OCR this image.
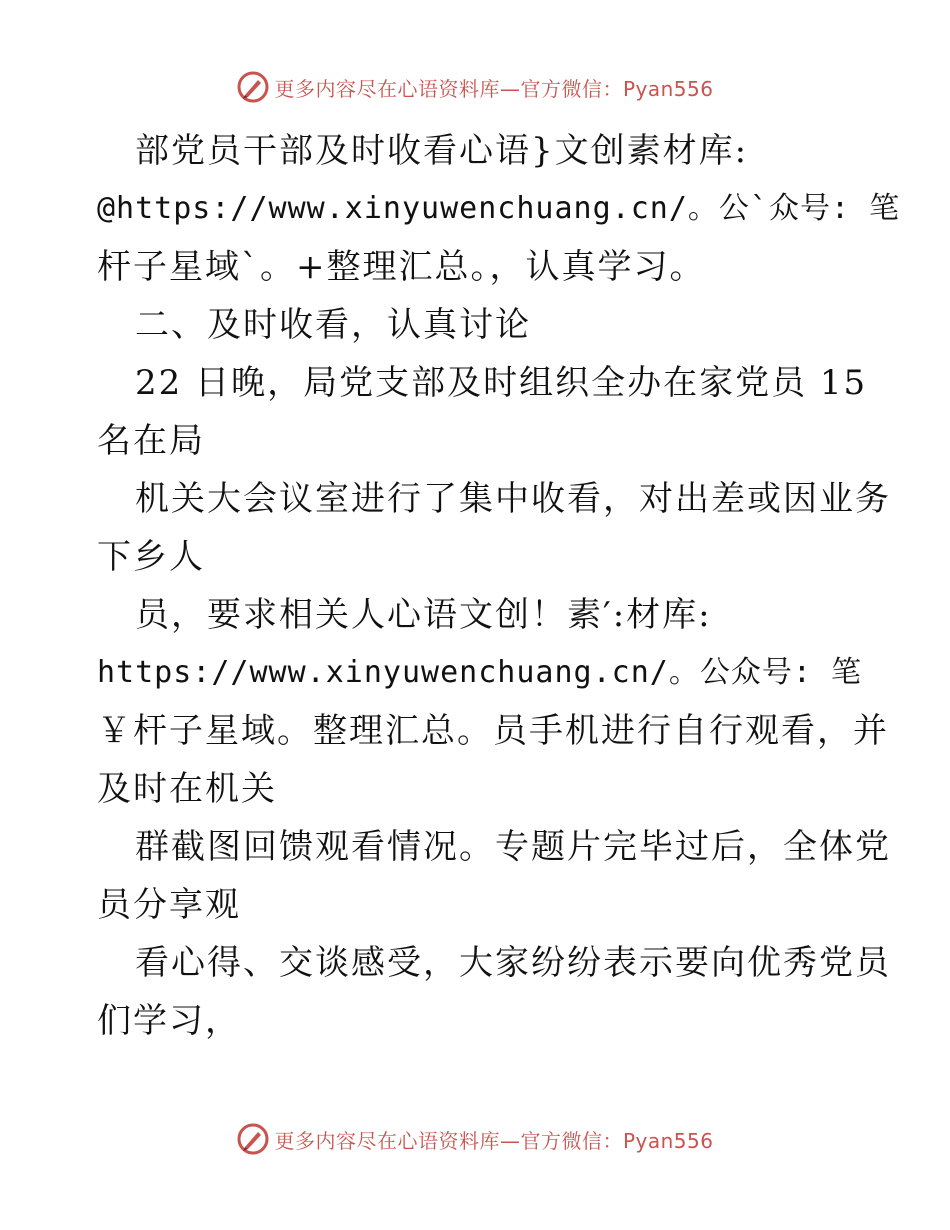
更多内容尽在心语资料库—官方微信：Pyan556
部党员干部及时收看心语}文创素材库:
@https://www.xinyuwenchuang.cn/。公`众号: 笔
杆子星域`。+整理汇总。，认真学习。
二、及时收看，认真讨论
22 日晚，局党支部及时组织全办在家党员 15
名在局
机关大会议室进行了集中收看，对出差或因业务
下乡人
员，要求相关人心语文创！素′:材库:
https://www.xinyuwenchuang.cn/。公众号: 笔
￥杆子星域。整理汇总。员手机进行自行观看，并
及时在机关
群截图回馈观看情况。专题片完毕过后，全体党
员分享观
看心得、交谈感受，大家纷纷表示要向优秀党员
们学习，
更多内容尽在心语资料库—官方微信：Pyan556
